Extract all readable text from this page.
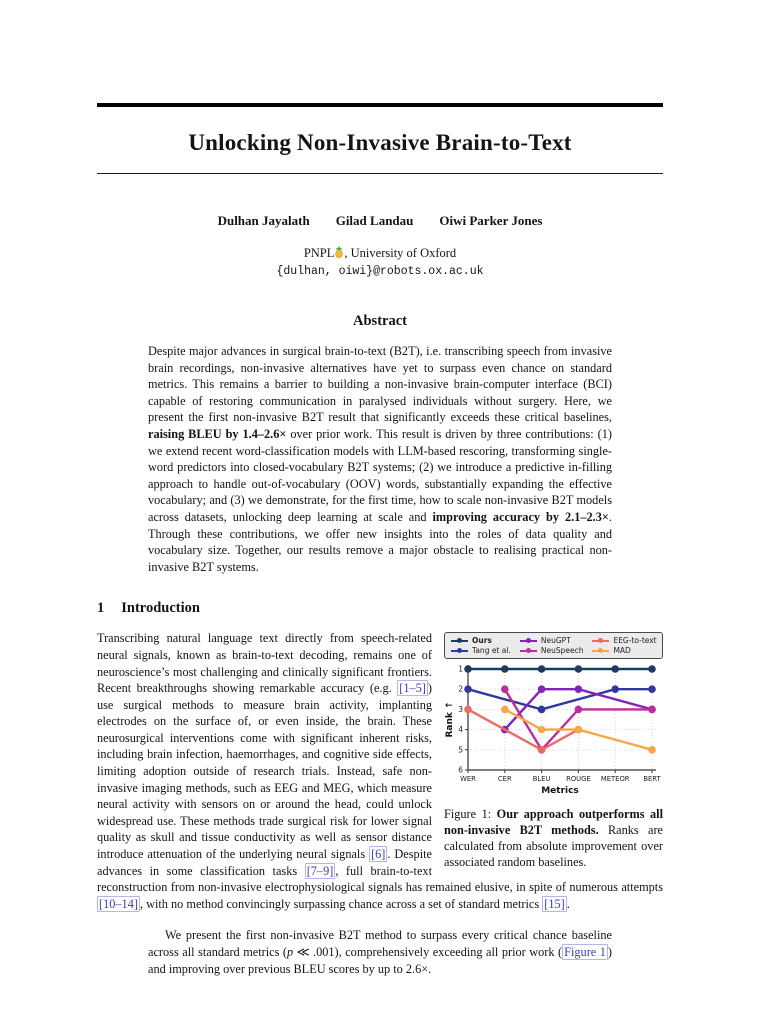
Unlocking Non-Invasive Brain-to-Text
Dulhan Jayalath Gilad Landau Oiwi Parker Jones
PNPL , University of Oxford
{dulhan, oiwi}@robots.ox.ac.uk
Abstract

Despite major advances in surgical brain-to-text (B2T), i.e. transcribing speech from invasive brain recordings, non-invasive alternatives have yet to surpass even chance on standard metrics. This remains a barrier to building a non-invasive brain-computer interface (BCI) capable of restoring communication in paralysed individuals without surgery. Here, we present the first non-invasive B2T result that significantly exceeds these critical baselines, raising BLEU by 1.4–2.6× over prior work. This result is driven by three contributions: (1) we extend recent word-classification models with LLM-based rescoring, transforming single-word predictors into closed-vocabulary B2T systems; (2) we introduce a predictive in-filling approach to handle out-of-vocabulary (OOV) words, substantially expanding the effective vocabulary; and (3) we demonstrate, for the first time, how to scale non-invasive B2T models across datasets, unlocking deep learning at scale and improving accuracy by 2.1–2.3×. Through these contributions, we offer new insights into the roles of data quality and vocabulary size. Together, our results remove a major obstacle to realising practical non-invasive B2T systems.

1 Introduction
Ours
Tang et al.
NeuGPT
NeuSpeech
EEG-to-text
MAD
1
2
3
4
5
6
WER	CER	BLEU ROUGE METEOR BERT
Metrics
Rank ↑
Figure 1: Our approach outperforms all non-invasive B2T methods. Ranks are calculated from absolute improvement over associated random baselines.

Transcribing natural language text directly from speech-related neural signals, known as brain-to-text decoding, remains one of neuroscience’s most challenging and clinically significant frontiers. Recent breakthroughs showing remarkable accuracy (e.g. [1–5] ) use surgical methods to measure brain activity, implanting electrodes on the surface of, or even inside, the brain. These neurosurgical interventions come with significant inherent risks, including brain infection, haemorrhages, and cognitive side effects, limiting adoption outside of research trials. Instead, safe non-invasive imaging methods, such as EEG and MEG, which measure neural activity with sensors on or around the head, could unlock widespread use. These methods trade surgical risk for lower signal quality as skull and tissue conductivity as well as sensor distance introduce attenuation of the underlying neural signals [6] . Despite advances in some classification tasks [7–9] , full brain-to-text reconstruction from non-invasive electrophysiological signals has remained elusive, in spite of numerous attempts [10–14] , with no method convincingly surpassing chance across a set of standard metrics [15] .

We present the first non-invasive B2T method to surpass every critical chance baseline across all standard metrics (p ≪ .001), comprehensively exceeding all prior work ( Figure 1 ) and improving over previous BLEU scores by up to 2.6×.
